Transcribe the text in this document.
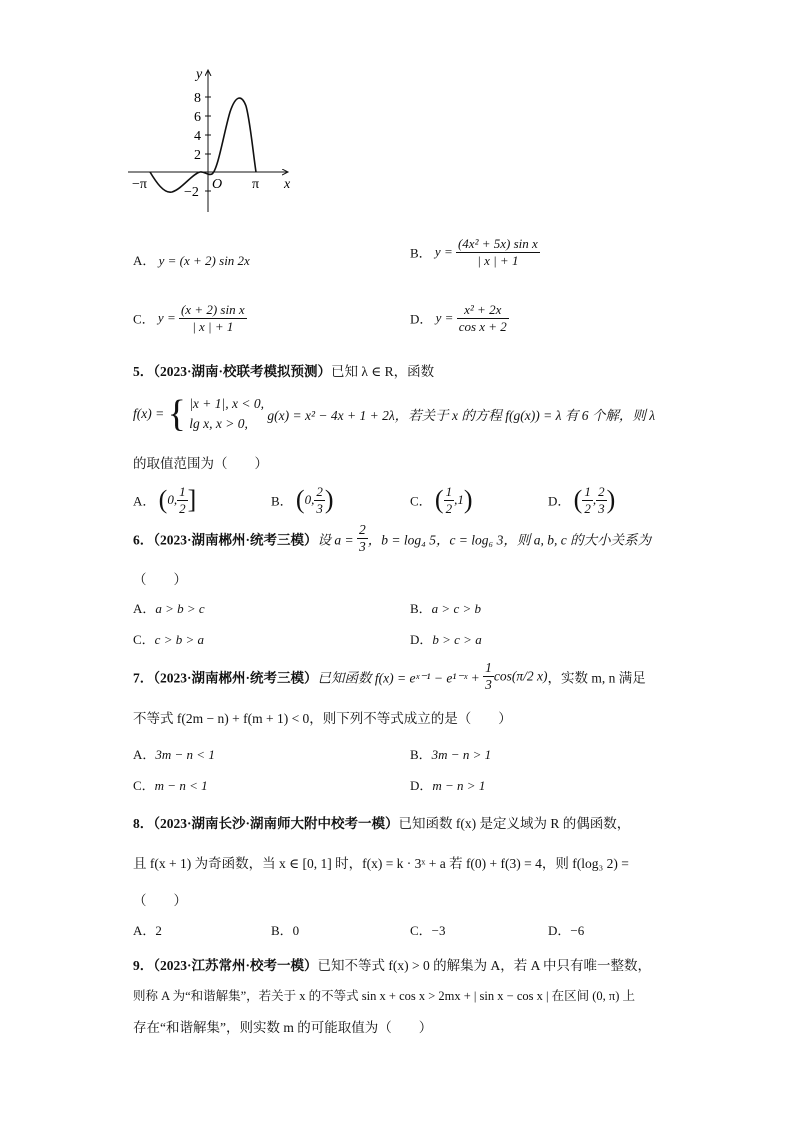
y
x
O
8
6
4
2
−2
−π	π
A． y = (x + 2) sin 2x	B． $y = \frac{\text{(4x² + 5x) sin x}}{| x | + 1}$
C． $y = \frac{\text{(x + 2) sin x}}{| x | + 1}$	D． $y = \frac{\text{x² + 2x}}{\text{cos x + 2}}$
5．（2023·湖南·校联考模拟预测）已知 λ ∈ R，函数
f(x) = { |x + 1|, x < 0,
lg x, x > 0,
g(x) = x² − 4x + 1 + 2λ，若关于 x 的方程 f(g(x)) = λ 有 6 个解，则 λ
的取值范围为（　　）
A． (0, $\frac{1}{2}$ ]	B． (0, $\frac{2}{3}$ )	C． ( $\frac{1}{2} ,1$)	D． ( $\frac{1}{2}$ , $\frac{2}{3}$ )
6．（2023·湖南郴州·统考三模）设 $a = \frac{2}{3}$ ，b = log₄ 5，c = log₆ 3，则 a, b, c 的大小关系为
（　　）
A．a > b > c	B．a > c > b
C．c > b > a	D．b > c > a
7．（2023·湖南郴州·统考三模）已知函数 f(x) = eˣ⁻¹ − e¹⁻ˣ + $\frac{1}{3} \cos(\pi/2$ x)，实数 m, n 满足
不等式 f(2m − n) + f(m + 1) < 0，则下列不等式成立的是（　　）
A．3m − n < 1	B．3m − n > 1
C．m − n < 1	D．m − n > 1
8．（2023·湖南长沙·湖南师大附中校考一模）已知函数 f(x) 是定义域为 R 的偶函数，
且 f(x + 1) 为奇函数，当 x ∈ [0, 1] 时，f(x) = k · 3ˣ + a 若 f(0) + f(3) = 4，则 f(log₃ 2) =
（　　）
A．2	B．0	C．−3	D．−6
9．（2023·江苏常州·校考一模）已知不等式 f(x) > 0 的解集为 A，若 A 中只有唯一整数，
则称 A 为“和谐解集”，若关于 x 的不等式 sin x + cos x > 2mx + | sin x − cos x | 在区间 (0, π) 上
存在“和谐解集”，则实数 m 的可能取值为（　　）
